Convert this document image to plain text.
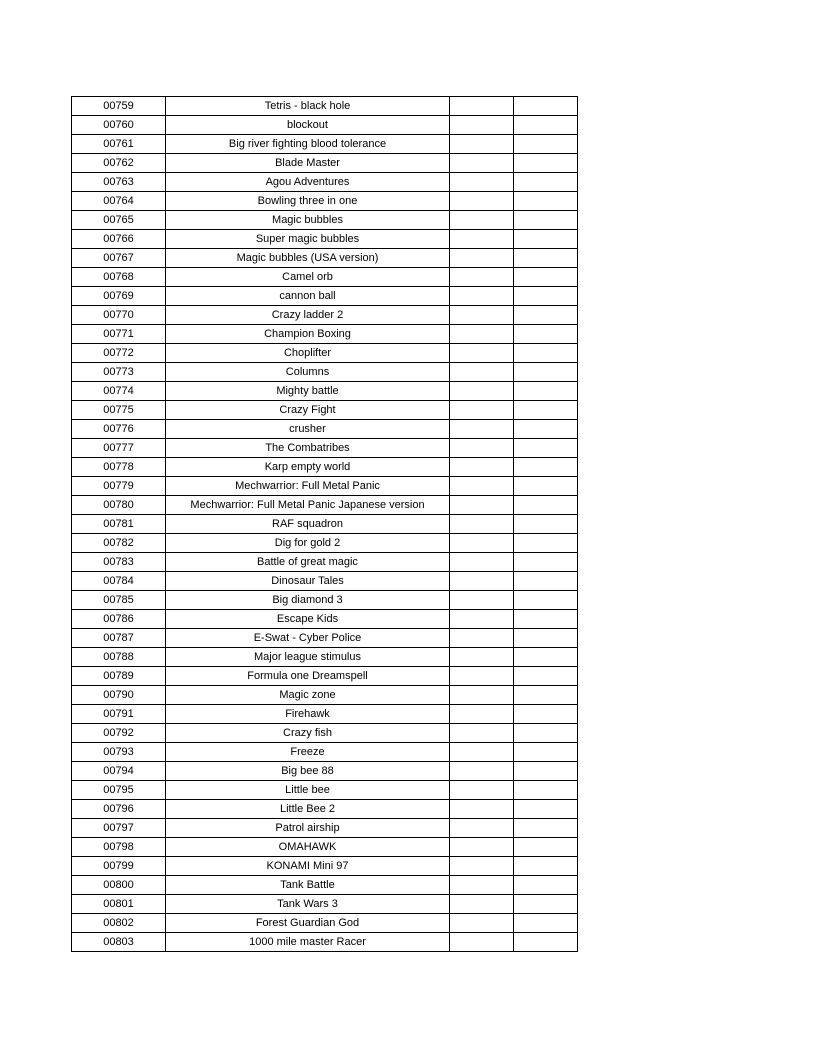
00759	Tetris - black hole		
00760	blockout		
00761	Big river fighting blood tolerance		
00762	Blade Master		
00763	Agou Adventures		
00764	Bowling three in one		
00765	Magic bubbles		
00766	Super magic bubbles		
00767	Magic bubbles (USA version)		
00768	Camel orb		
00769	cannon ball		
00770	Crazy ladder 2		
00771	Champion Boxing		
00772	Choplifter		
00773	Columns		
00774	Mighty battle		
00775	Crazy Fight		
00776	crusher		
00777	The Combatribes		
00778	Karp empty world		
00779	Mechwarrior: Full Metal Panic		
00780	Mechwarrior: Full Metal Panic Japanese version		
00781	RAF squadron		
00782	Dig for gold 2		
00783	Battle of great magic		
00784	Dinosaur Tales		
00785	Big diamond 3		
00786	Escape Kids		
00787	E-Swat - Cyber Police		
00788	Major league stimulus		
00789	Formula one Dreamspell		
00790	Magic zone		
00791	Firehawk		
00792	Crazy fish		
00793	Freeze		
00794	Big bee 88		
00795	Little bee		
00796	Little Bee 2		
00797	Patrol airship		
00798	OMAHAWK		
00799	KONAMI Mini 97		
00800	Tank Battle		
00801	Tank Wars 3		
00802	Forest Guardian God		
00803	1000 mile master Racer		
